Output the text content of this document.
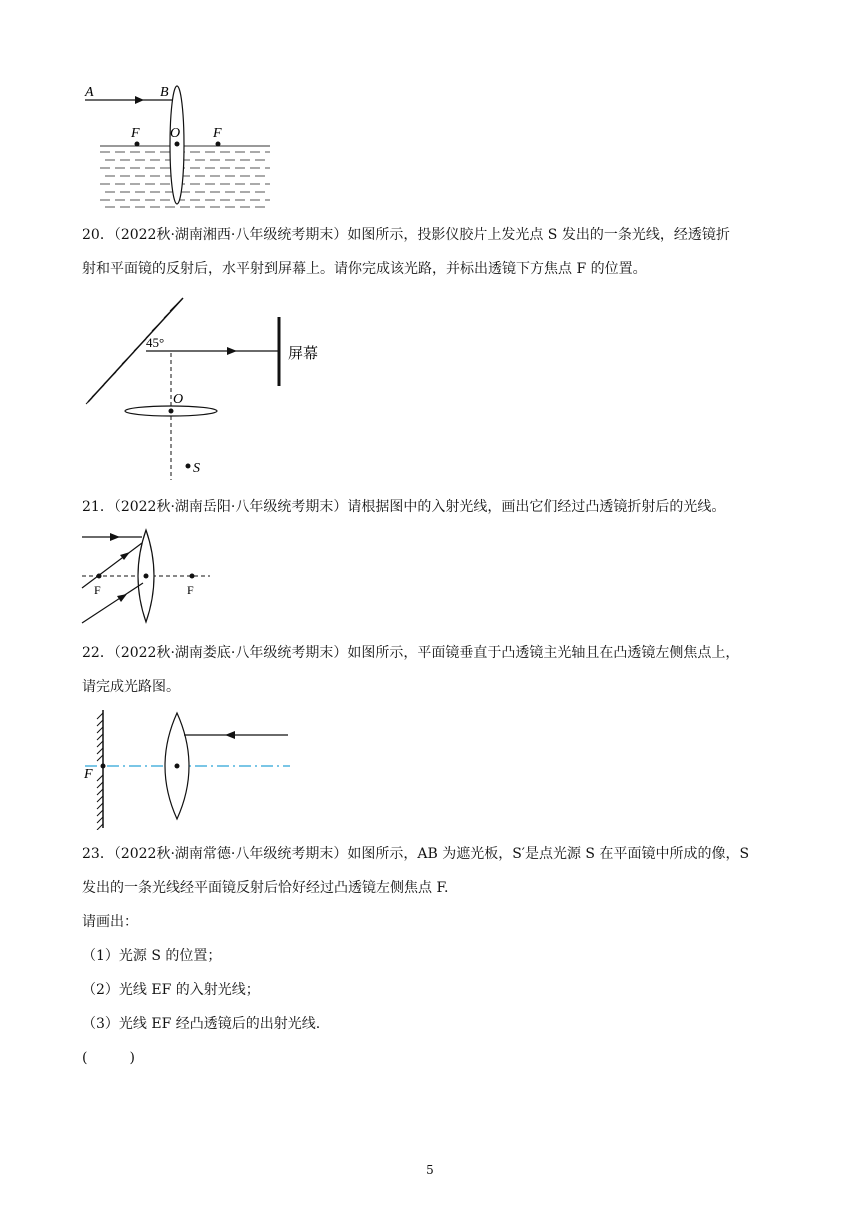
A	B
F O F

20．（2022秋·湖南湘西·八年级统考期末）如图所示，投影仪胶片上发光点 S 发出的一条光线，经透镜折

射和平面镜的反射后，水平射到屏幕上。请你完成该光路，并标出透镜下方焦点 F 的位置。

45°
屏幕
O
S

21．（2022秋·湖南岳阳·八年级统考期末）请根据图中的入射光线，画出它们经过凸透镜折射后的光线。

F	F

22．（2022秋·湖南娄底·八年级统考期末）如图所示，平面镜垂直于凸透镜主光轴且在凸透镜左侧焦点上，

请完成光路图。

F

23．（2022秋·湖南常德·八年级统考期末）如图所示，AB 为遮光板，S′是点光源 S 在平面镜中所成的像，S

发出的一条光线经平面镜反射后恰好经过凸透镜左侧焦点 F.

请画出：

（1）光源 S 的位置；

（2）光线 EF 的入射光线；

（3）光线 EF 经凸透镜后的出射光线.

(　　　)

5
